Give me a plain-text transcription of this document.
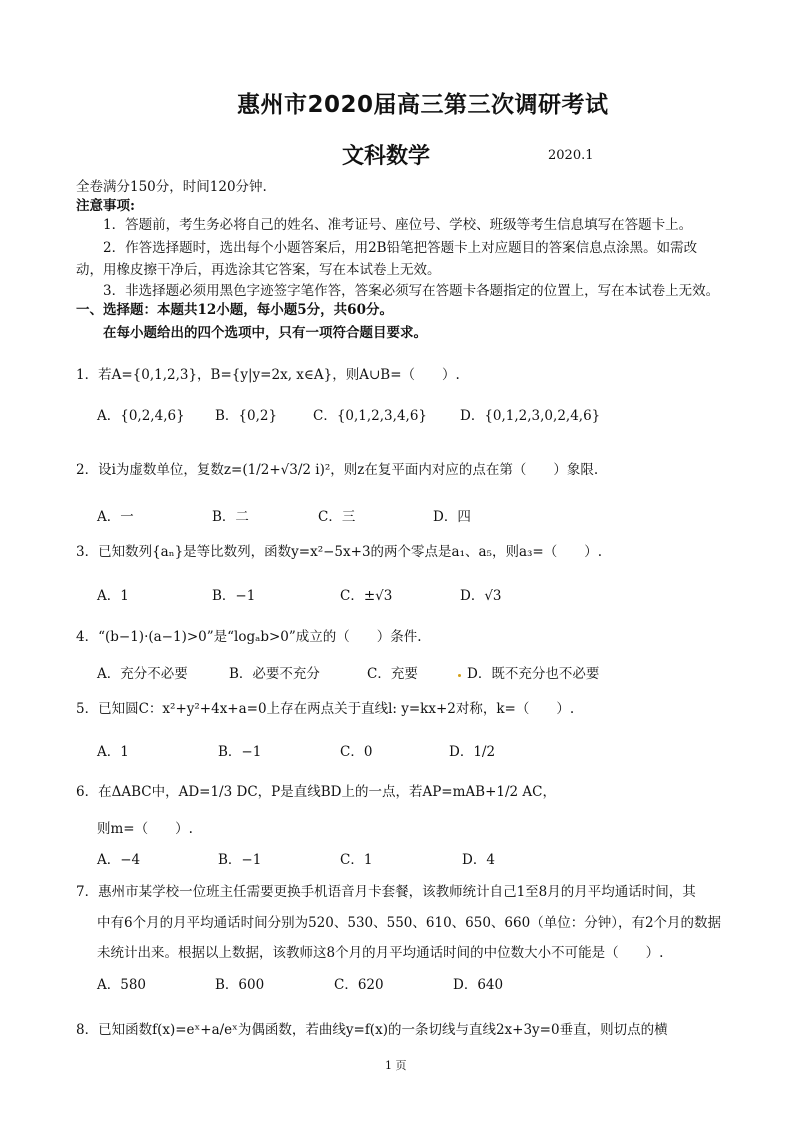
惠州市2020届高三第三次调研考试
文科数学	2020.1
全卷满分150分，时间120分钟.
注意事项:
1．答题前，考生务必将自己的姓名、准考证号、座位号、学校、班级等考生信息填写在答题卡上。
2．作答选择题时，选出每个小题答案后，用2B铅笔把答题卡上对应题目的答案信息点涂黑。如需改
动，用橡皮擦干净后，再选涂其它答案，写在本试卷上无效。
3．非选择题必须用黑色字迹签字笔作答，答案必须写在答题卡各题指定的位置上，写在本试卷上无效。
一、选择题：本题共12小题，每小题5分，共60分。
在每小题给出的四个选项中，只有一项符合题目要求。
1．若A={0,1,2,3}，B={y|y=2x, x∈A}，则A∪B=（　　）.
A．{0,2,4,6} B．{0,2}	C．{0,1,2,3,4,6} D．{0,1,2,3,0,2,4,6}
2．设i为虚数单位，复数z=(1/2+√3/2 i)²，则z在复平面内对应的点在第（　　）象限.
A．一	B．二	C．三	D．四
3．已知数列{aₙ}是等比数列，函数y=x²−5x+3的两个零点是a₁、a₅，则a₃=（　　）.
A．1	B．−1	C．±√3	D．√3
4．“(b−1)·(a−1)>0”是“logₐb>0”成立的（　　）条件.
A．充分不必要	B．必要不充分	C．充要	D．既不充分也不必要
5．已知圆C：x²+y²+4x+a=0上存在两点关于直线l: y=kx+2对称，k=（　　）.
A．1	B．−1	C．0	D．1/2
6．在ΔABC中，AD=1/3 DC，P是直线BD上的一点，若AP=mAB+1/2 AC，
则m=（　　）.
A．−4	B．−1	C．1	D．4
7．惠州市某学校一位班主任需要更换手机语音月卡套餐，该教师统计自己1至8月的月平均通话时间，其
中有6个月的月平均通话时间分别为520、530、550、610、650、660（单位：分钟），有2个月的数据
未统计出来。根据以上数据，该教师这8个月的月平均通话时间的中位数大小不可能是（　　）.
A．580	B．600	C．620	D．640
8．已知函数f(x)=eˣ+a/eˣ为偶函数，若曲线y=f(x)的一条切线与直线2x+3y=0垂直，则切点的横
1 页
